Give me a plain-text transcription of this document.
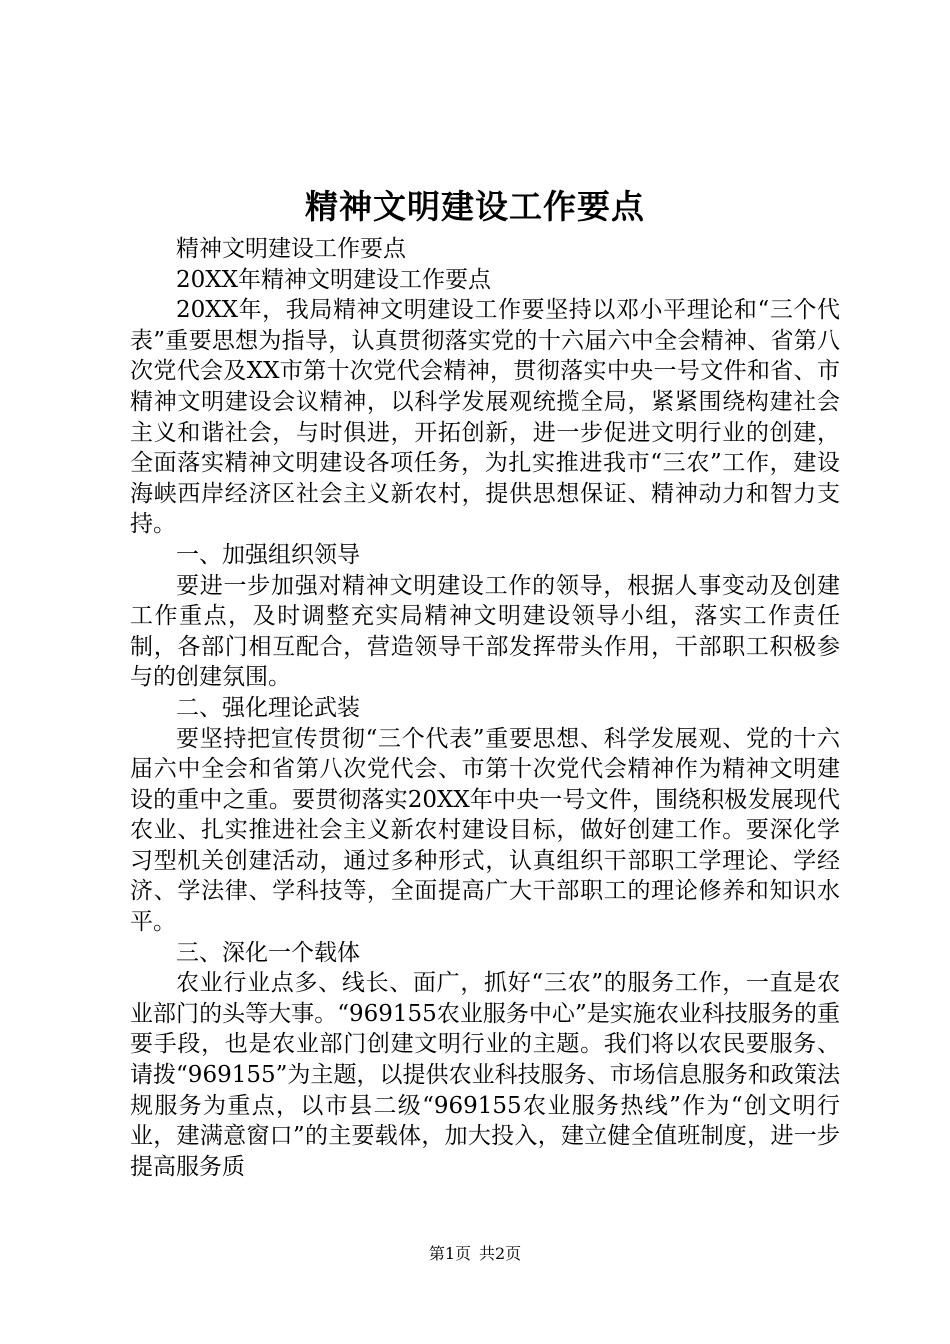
精神文明建设工作要点

精神文明建设工作要点

20XX年精神文明建设工作要点

20XX年，我局精神文明建设工作要坚持以邓小平理论和“三个代表”重要思想为指导，认真贯彻落实党的十六届六中全会精神、省第八次党代会及XX市第十次党代会精神，贯彻落实中央一号文件和省、市精神文明建设会议精神，以科学发展观统揽全局，紧紧围绕构建社会主义和谐社会，与时俱进，开拓创新，进一步促进文明行业的创建，全面落实精神文明建设各项任务，为扎实推进我市“三农”工作，建设海峡西岸经济区社会主义新农村，提供思想保证、精神动力和智力支持。

一、加强组织领导

要进一步加强对精神文明建设工作的领导，根据人事变动及创建工作重点，及时调整充实局精神文明建设领导小组，落实工作责任制，各部门相互配合，营造领导干部发挥带头作用，干部职工积极参与的创建氛围。

二、强化理论武装

要坚持把宣传贯彻“三个代表”重要思想、科学发展观、党的十六届六中全会和省第八次党代会、市第十次党代会精神作为精神文明建设的重中之重。要贯彻落实20XX年中央一号文件，围绕积极发展现代农业、扎实推进社会主义新农村建设目标，做好创建工作。要深化学习型机关创建活动，通过多种形式，认真组织干部职工学理论、学经济、学法律、学科技等，全面提高广大干部职工的理论修养和知识水平。

三、深化一个载体

农业行业点多、线长、面广，抓好“三农”的服务工作，一直是农业部门的头等大事。“969155农业服务中心”是实施农业科技服务的重要手段，也是农业部门创建文明行业的主题。我们将以农民要服务、请拨“969155”为主题，以提供农业科技服务、市场信息服务和政策法规服务为重点，以市县二级“969155农业服务热线”作为“创文明行业，建满意窗口”的主要载体，加大投入，建立健全值班制度，进一步提高服务质

第1页 共2页
